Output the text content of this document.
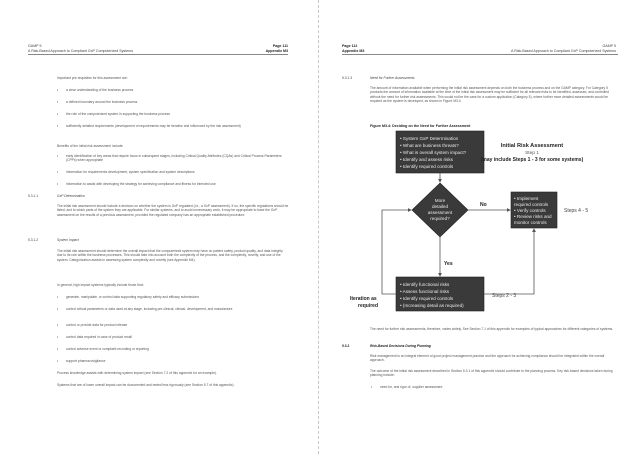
GAMP 5
A Risk-Based Approach to Compliant GxP Computerized Systems
Page 111
Appendix M3
Important pre-requisites for this assessment are:
• a clear understanding of the business process
• a defined boundary around the business process
• the role of the computerized system in supporting the business process
• sufficiently detailed requirements (development of requirements may be iterative and influenced by the risk assessment)
Benefits of the initial risk assessment include:
• early identification of key areas that require focus in subsequent stages, including Critical Quality Attributes (CQAs) and Critical Process Parameters (CPPs) when appropriate
• information for requirements development, system specification and system descriptions
• information to assist with developing the strategy for achieving compliance and fitness for intended use
5.3.1.1	GxP Determination
The initial risk assessment should include a decision on whether the system is GxP regulated (i.e., a GxP assessment). If so, the specific regulations should be listed, and to which parts of the system they are applicable. For similar systems, and to avoid unnecessary work, it may be appropriate to base the GxP assessment on the results of a previous assessment, provided the regulated company has an appropriate established procedure.
5.3.1.2	System Impact
The initial risk assessment should determine the overall impact that the computerized system may have on patient safety, product quality, and data integrity due to its role within the business processes. This should take into account both the complexity of the process, and the complexity, novelty, and use of the system. Categorization assists in assessing system complexity and novelty (see Appendix M4).
In general, high impact systems typically include those that:
• generate, manipulate, or control data supporting regulatory safety and efficacy submissions
• control critical parameters or data used at any stage, including pre-clinical, clinical, development, and manufacture
• control or provide data for product release
• control data required in case of product recall
• control adverse event or complaint recording or reporting
• support pharmacovigilance
Process knowledge assists with determining system impact (see Section 7.2 of this appendix for an example).
Systems that are of lower overall impact can be documented and tested less rigorously (see Section 5.7 of this appendix).
Page 112
Appendix M3
GAMP 5
A Risk-Based Approach to Compliant GxP Computerized Systems
5.3.1.3	Need for Further Assessments
The amount of information available when performing the initial risk assessment depends on both the business process and on the GAMP category. For Category 5 products the amount of information available at the time of the initial risk assessment may be sufficient for all relevant risks to be identified, assessed, and controlled without the need for further risk assessments. This would not be the case for a custom application (Category 5), where further more detailed assessments would be required as the system is developed, as shown in Figure M3.4.
Figure M3.4: Deciding on the Need for Further Assessment
• System GxP Determination
• What are business threats?
• What is overall system impact?
• Identify and assess risks
• Identify required controls
Initial Risk Assessment
Step 1
(may include Steps 1 - 3 for some systems)
More
detailed
assessment
required?
No
• Implement
required controls
• Verify controls
• Review risks and
monitor controls
Steps 4 - 5
Yes
• Identify functional risks
• Assess functional risks
• Identify required controls
• (Increasing detail as required)
Steps 2 - 3
Iteration as
required
The need for further risk assessments, therefore, varies widely. See Section 7.1 of this appendix for examples of typical approaches for different categories of systems.
5.3.2	Risk-Based Decisions During Planning
Risk management is an integral element of good project management practice and the approach for achieving compliance should be integrated within the overall approach.
The outcome of the initial risk assessment described in Section 5.3.1 of this appendix should contribute to the planning process. Key risk-based decisions taken during planning include:
• need for, and rigor of, supplier assessment
